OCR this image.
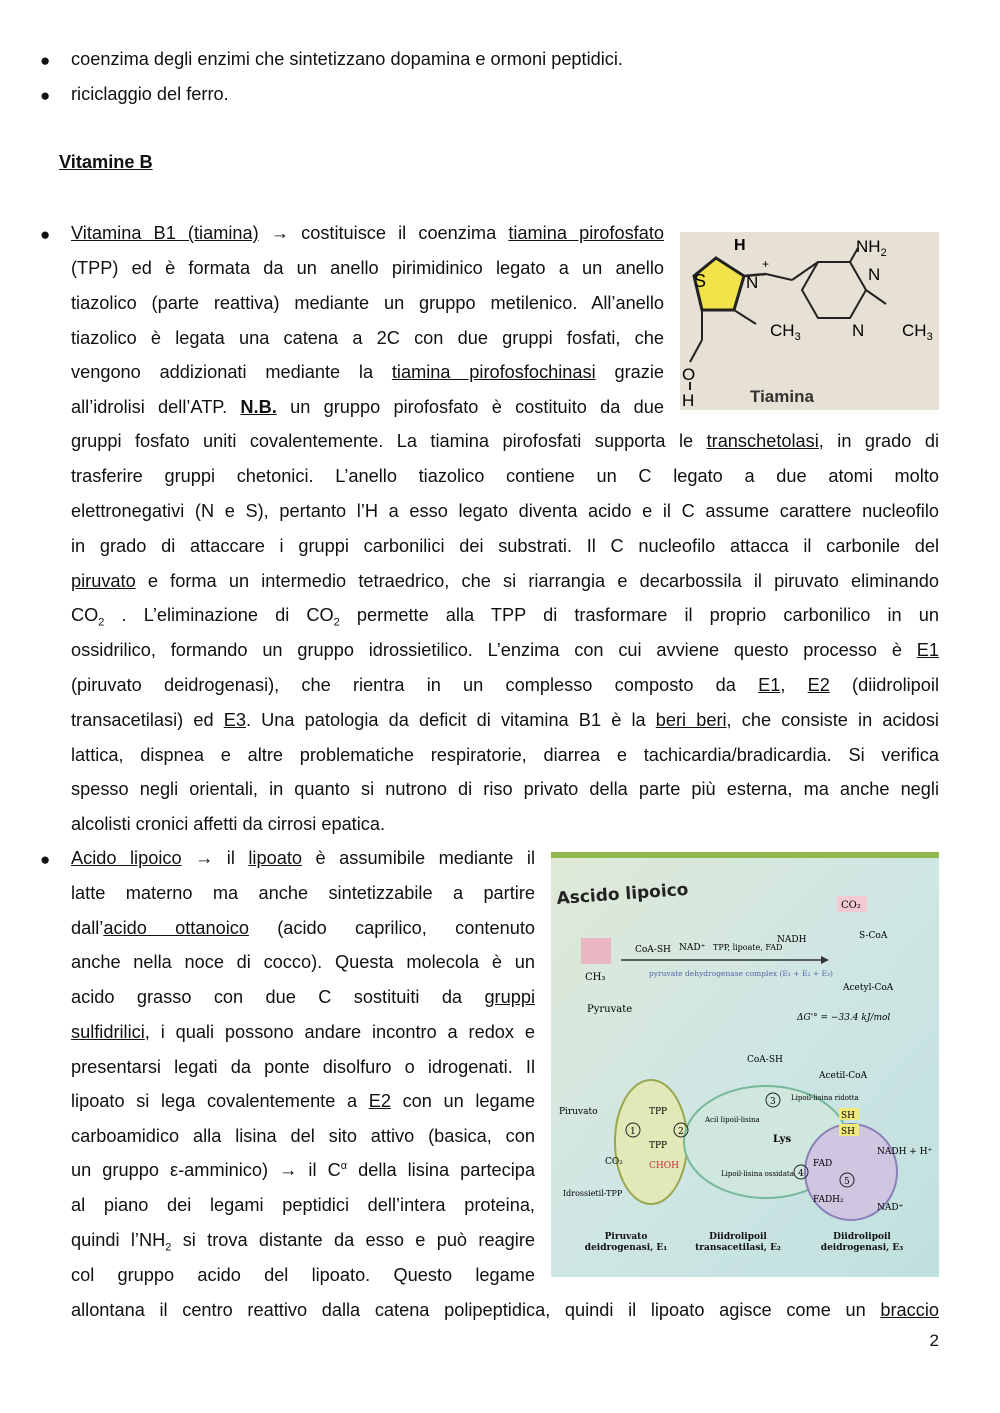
● coenzima degli enzimi che sintetizzano dopamina e ormoni peptidici.

● riciclaggio del ferro.

Vitamine B

● Vitamina B1 (tiamina) → costituisce il coenzima tiamina pirofosfato

(TPP) ed è formata da un anello pirimidinico legato a un anello

tiazolico (parte reattiva) mediante un gruppo metilenico. All’anello

tiazolico è legata una catena a 2C con due gruppi fosfati, che

vengono addizionati mediante la tiamina pirofosfochinasi grazie

all’idrolisi dell’ATP. N.B. un gruppo pirofosfato è costituito da due

gruppi fosfato uniti covalentemente. La tiamina pirofosfati supporta le transchetolasi, in grado di

trasferire gruppi chetonici. L’anello tiazolico contiene un C legato a due atomi molto

elettronegativi (N e S), pertanto l’H a esso legato diventa acido e il C assume carattere nucleofilo

in grado di attaccare i gruppi carbonilici dei substrati. Il C nucleofilo attacca il carbonile del

piruvato e forma un intermedio tetraedrico, che si riarrangia e decarbossila il piruvato eliminando

$CO_2$ . L’eliminazione di $CO_2$ permette alla TPP di trasformare il proprio carbonilico in un

ossidrilico, formando un gruppo idrossietilico. L’enzima con cui avviene questo processo è E1

(piruvato deidrogenasi), che rientra in un complesso composto da E1, E2 (diidrolipoil

transacetilasi) ed E3. Una patologia da deficit di vitamina B1 è la beri beri, che consiste in acidosi

lattica, dispnea e altre problematiche respiratorie, diarrea e tachicardia/bradicardia. Si verifica

spesso negli orientali, in quanto si nutrono di riso privato della parte più esterna, ma anche negli

alcolisti cronici affetti da cirrosi epatica.

H	$NH_2$
S N
+
$CH_3$
N
N $CH_3$
O
H	Tiamina
● Acido lipoico → il lipoato è assumibile mediante il

latte materno ma anche sintetizzabile a partire

dall’acido ottanoico (acido caprilico, contenuto

anche nella noce di cocco). Questa molecola è un

acido grasso con due C sostituiti da gruppi

sulfidrilici, i quali possono andare incontro a redox e

presentarsi legati da ponte disolfuro o idrogenati. Il

lipoato si lega covalentemente a E2 con un legame

carboamidico alla lisina del sito attivo (basica, con

un gruppo ε-amminico) → il $C^\alpha$ della lisina partecipa

al piano dei legami peptidici dell’intera proteina,

quindi $l’NH_2$ si trova distante da esso e può reagire

col gruppo acido del lipoato. Questo legame

allontana il centro reattivo dalla catena polipeptidica, quindi il lipoato agisce come un braccio

Ascido lipoico	CO₂
CH₃
Pyruvate
CoA-SH NAD⁺ TPP, lipoate, FAD
NADH
pyruvate dehydrogenase complex (E₁ + E₂ + E₃)
S-CoA
Acetyl-CoA
ΔG'° = −33.4 kJ/mol
CoA-SH
Acetil-CoA
Piruvato	TPP
TPP
CO₂	CHOH
Idrossietil-TPP
Acil lipoil-lisina
Lys
Lipoil-lisina ridotta
Lipoil-lisina ossidata
SH
SH
FAD
FADH₂
NADH + H⁺
NAD⁺
1	2
3
4
5
Piruvato deidrogenasi, E₁
Diidrolipoil transacetilasi, E₂
Diidrolipoil deidrogenasi, E₃
2
